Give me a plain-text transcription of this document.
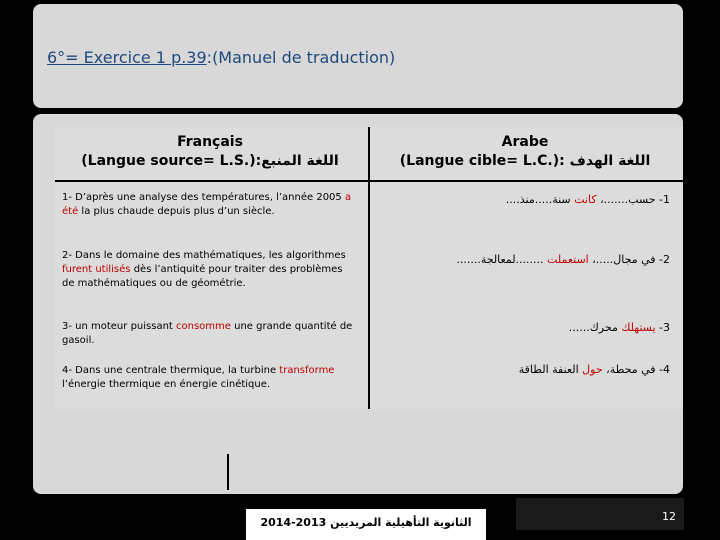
6°= Exercice 1 p.39:(Manuel de traduction)
Français
(Langue source= L.S.):اللغة المنبع
Arabe
(Langue cible= L.C.): اللغة الهدف
1- D’après une analyse des températures, l’année 2005 a été la plus chaude depuis plus d’un siècle.
1- حسب.......، كانت سنة.....منذ....
2- Dans le domaine des mathématiques, les algorithmes furent utilisés dès l’antiquité pour traiter des problèmes de mathématiques ou de géométrie.
2- في مجال.....، استعملت ........لمعالجة.......
3- un moteur puissant consomme une grande quantité de gasoil.
3- يستهلك محرك......
4- Dans une centrale thermique, la turbine transforme l’énergie thermique en énergie cinétique.
4- في محطة، حول العنفة الطاقة
الثانوية التأهيلية المريديين 2013-2014	12
